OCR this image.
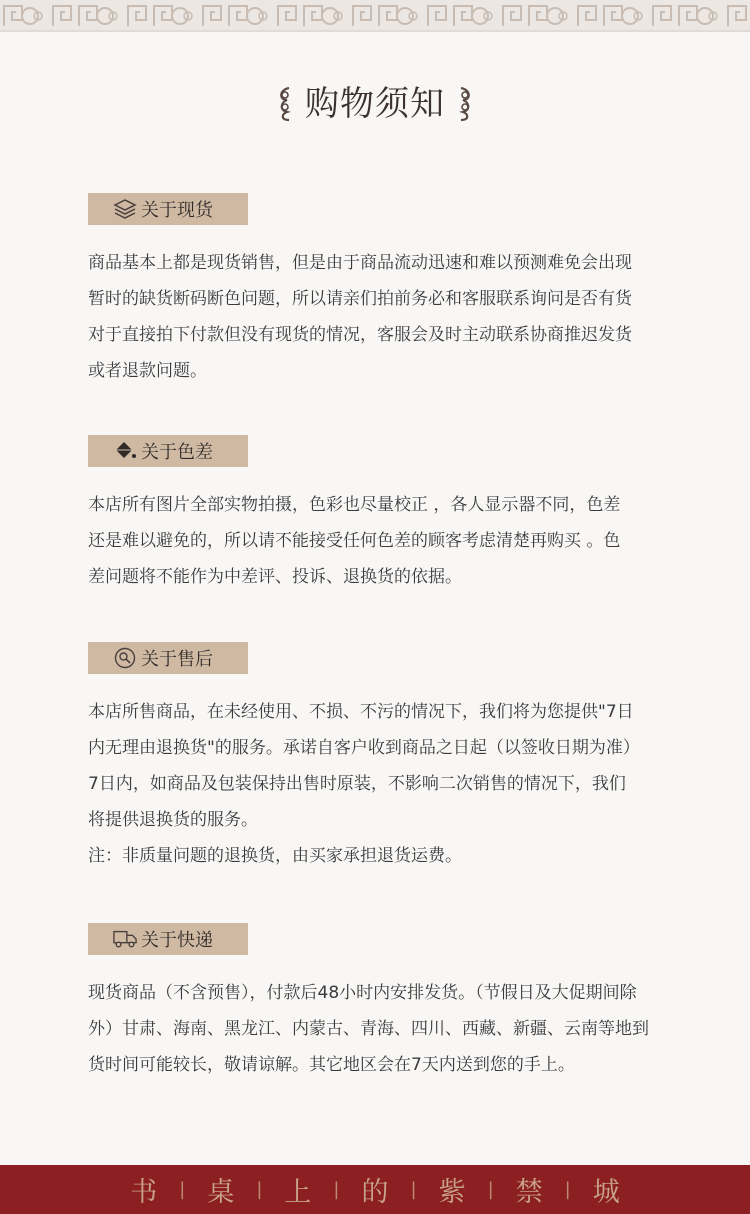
购物须知
关于现货

商品基本上都是现货销售，但是由于商品流动迅速和难以预测难免会出现

暂时的缺货断码断色问题，所以请亲们拍前务必和客服联系询问是否有货

对于直接拍下付款但没有现货的情况，客服会及时主动联系协商推迟发货

或者退款问题。

关于色差

本店所有图片全部实物拍摄，色彩也尽量校正 ，各人显示器不同，色差

还是难以避免的，所以请不能接受任何色差的顾客考虑清楚再购买 。色

差问题将不能作为中差评、投诉、退换货的依据。

关于售后

本店所售商品，在未经使用、不损、不污的情况下，我们将为您提供"7日

内无理由退换货"的服务。承诺自客户收到商品之日起（以签收日期为准）

7日内，如商品及包装保持出售时原装，不影响二次销售的情况下，我们

将提供退换货的服务。

注：非质量问题的退换货，由买家承担退货运费。

关于快递

现货商品（不含预售），付款后48小时内安排发货。（节假日及大促期间除

外）甘肃、海南、黑龙江、内蒙古、青海、四川、西藏、新疆、云南等地到

货时间可能较长，敬请谅解。其它地区会在7天内送到您的手上。

书 | 桌 | 上 | 的 | 紫 | 禁 | 城
